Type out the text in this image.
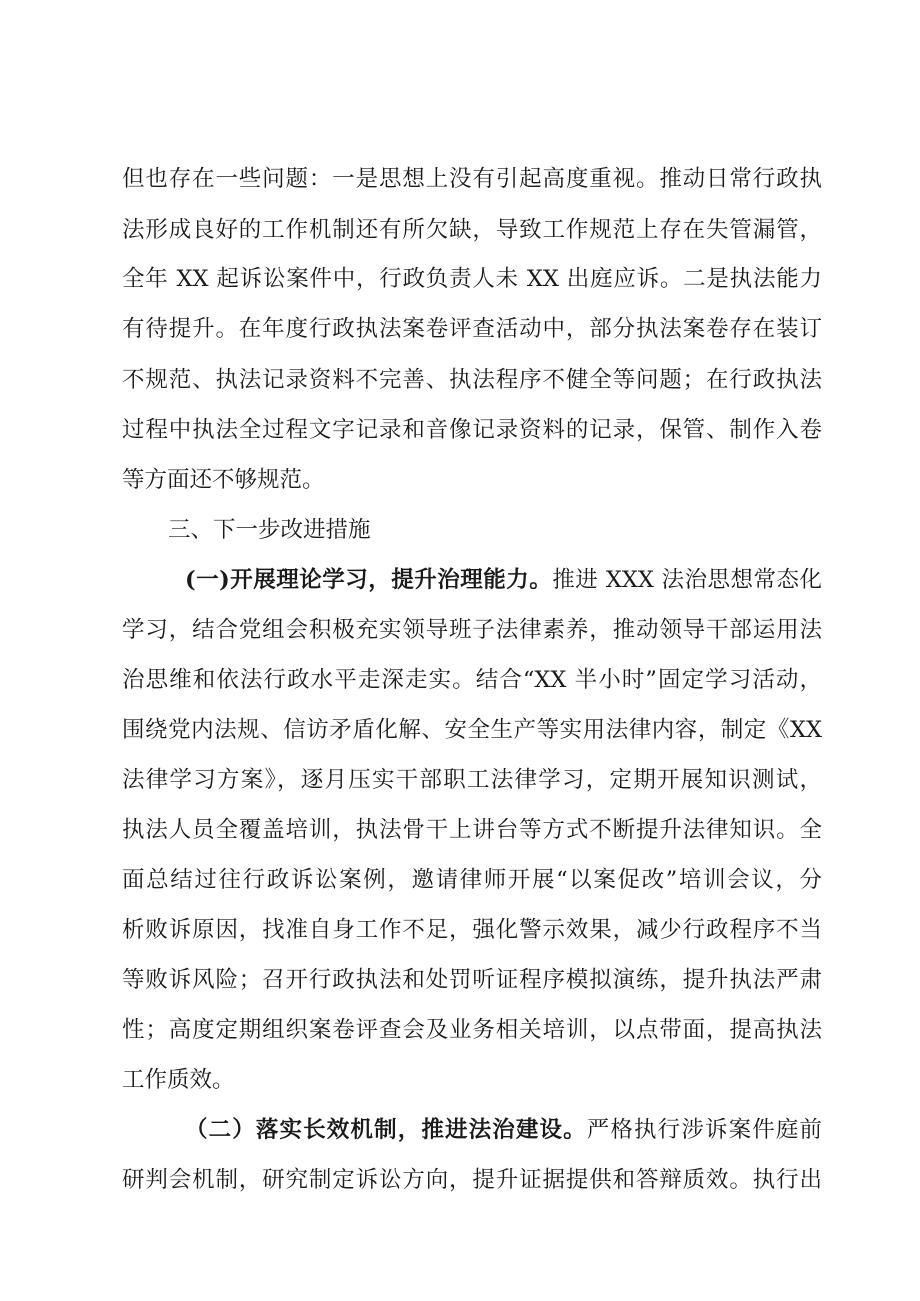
但也存在一些问题：一是思想上没有引起高度重视。推动日常行政执
法形成良好的工作机制还有所欠缺，导致工作规范上存在失管漏管，
全年 XX 起诉讼案件中，行政负责人未 XX 出庭应诉。二是执法能力
有待提升。在年度行政执法案卷评查活动中，部分执法案卷存在装订
不规范、执法记录资料不完善、执法程序不健全等问题；在行政执法
过程中执法全过程文字记录和音像记录资料的记录，保管、制作入卷
等方面还不够规范。
三、下一步改进措施
(一)开展理论学习，提升治理能力。推进 XXX 法治思想常态化
学习，结合党组会积极充实领导班子法律素养，推动领导干部运用法
治思维和依法行政水平走深走实。结合“XX 半小时”固定学习活动，
围绕党内法规、信访矛盾化解、安全生产等实用法律内容，制定《XX
法律学习方案》，逐月压实干部职工法律学习，定期开展知识测试，
执法人员全覆盖培训，执法骨干上讲台等方式不断提升法律知识。全
面总结过往行政诉讼案例，邀请律师开展“以案促改”培训会议，分
析败诉原因，找准自身工作不足，强化警示效果，减少行政程序不当
等败诉风险；召开行政执法和处罚听证程序模拟演练，提升执法严肃
性；高度定期组织案卷评查会及业务相关培训，以点带面，提高执法
工作质效。
（二）落实长效机制，推进法治建设。严格执行涉诉案件庭前
研判会机制，研究制定诉讼方向，提升证据提供和答辩质效。执行出
